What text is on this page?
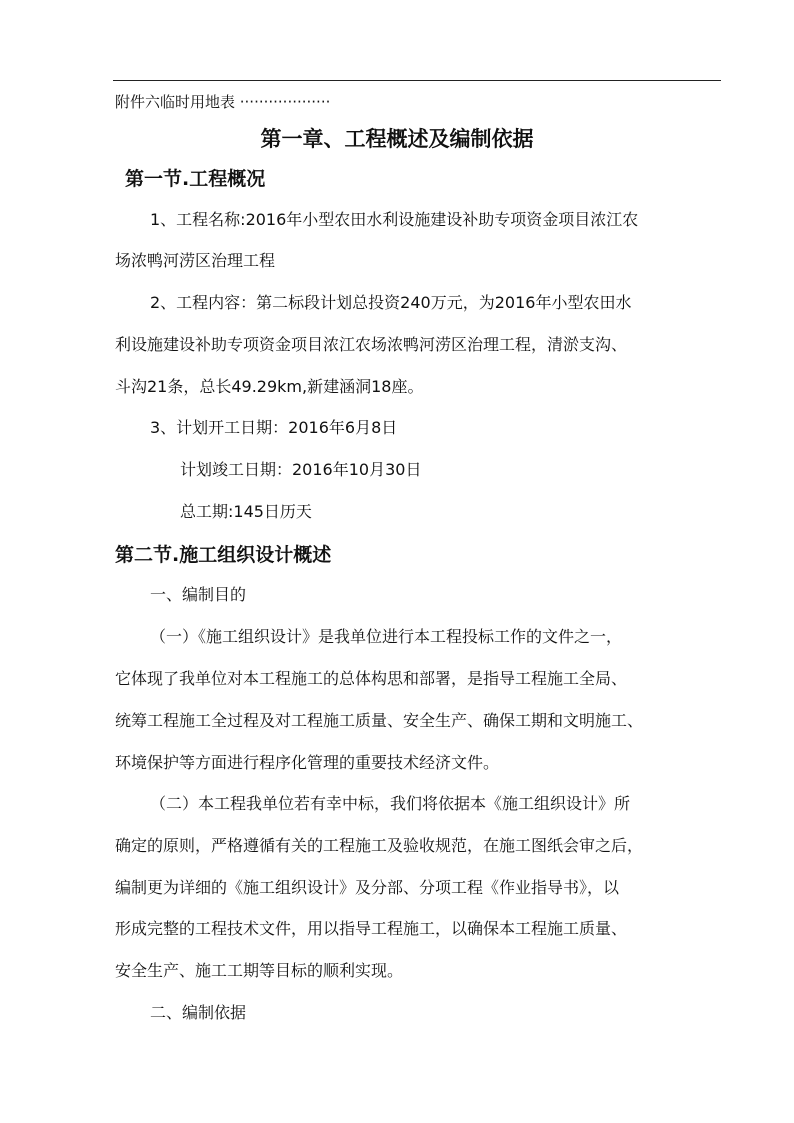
附件六临时用地表 ···················
第一章、工程概述及编制依据
第一节.工程概况
1、工程名称:2016年小型农田水利设施建设补助专项资金项目浓江农
场浓鸭河涝区治理工程
2、工程内容：第二标段计划总投资240万元，为2016年小型农田水
利设施建设补助专项资金项目浓江农场浓鸭河涝区治理工程，清淤支沟、
斗沟21条，总长49.29km,新建涵洞18座。
3、计划开工日期：2016年6月8日
计划竣工日期：2016年10月30日
总工期:145日历天
第二节.施工组织设计概述
一、编制目的
（一）《施工组织设计》是我单位进行本工程投标工作的文件之一，
它体现了我单位对本工程施工的总体构思和部署，是指导工程施工全局、
统筹工程施工全过程及对工程施工质量、安全生产、确保工期和文明施工、
环境保护等方面进行程序化管理的重要技术经济文件。
（二）本工程我单位若有幸中标，我们将依据本《施工组织设计》所
确定的原则，严格遵循有关的工程施工及验收规范，在施工图纸会审之后，
编制更为详细的《施工组织设计》及分部、分项工程《作业指导书》，以
形成完整的工程技术文件，用以指导工程施工，以确保本工程施工质量、
安全生产、施工工期等目标的顺利实现。
二、编制依据
